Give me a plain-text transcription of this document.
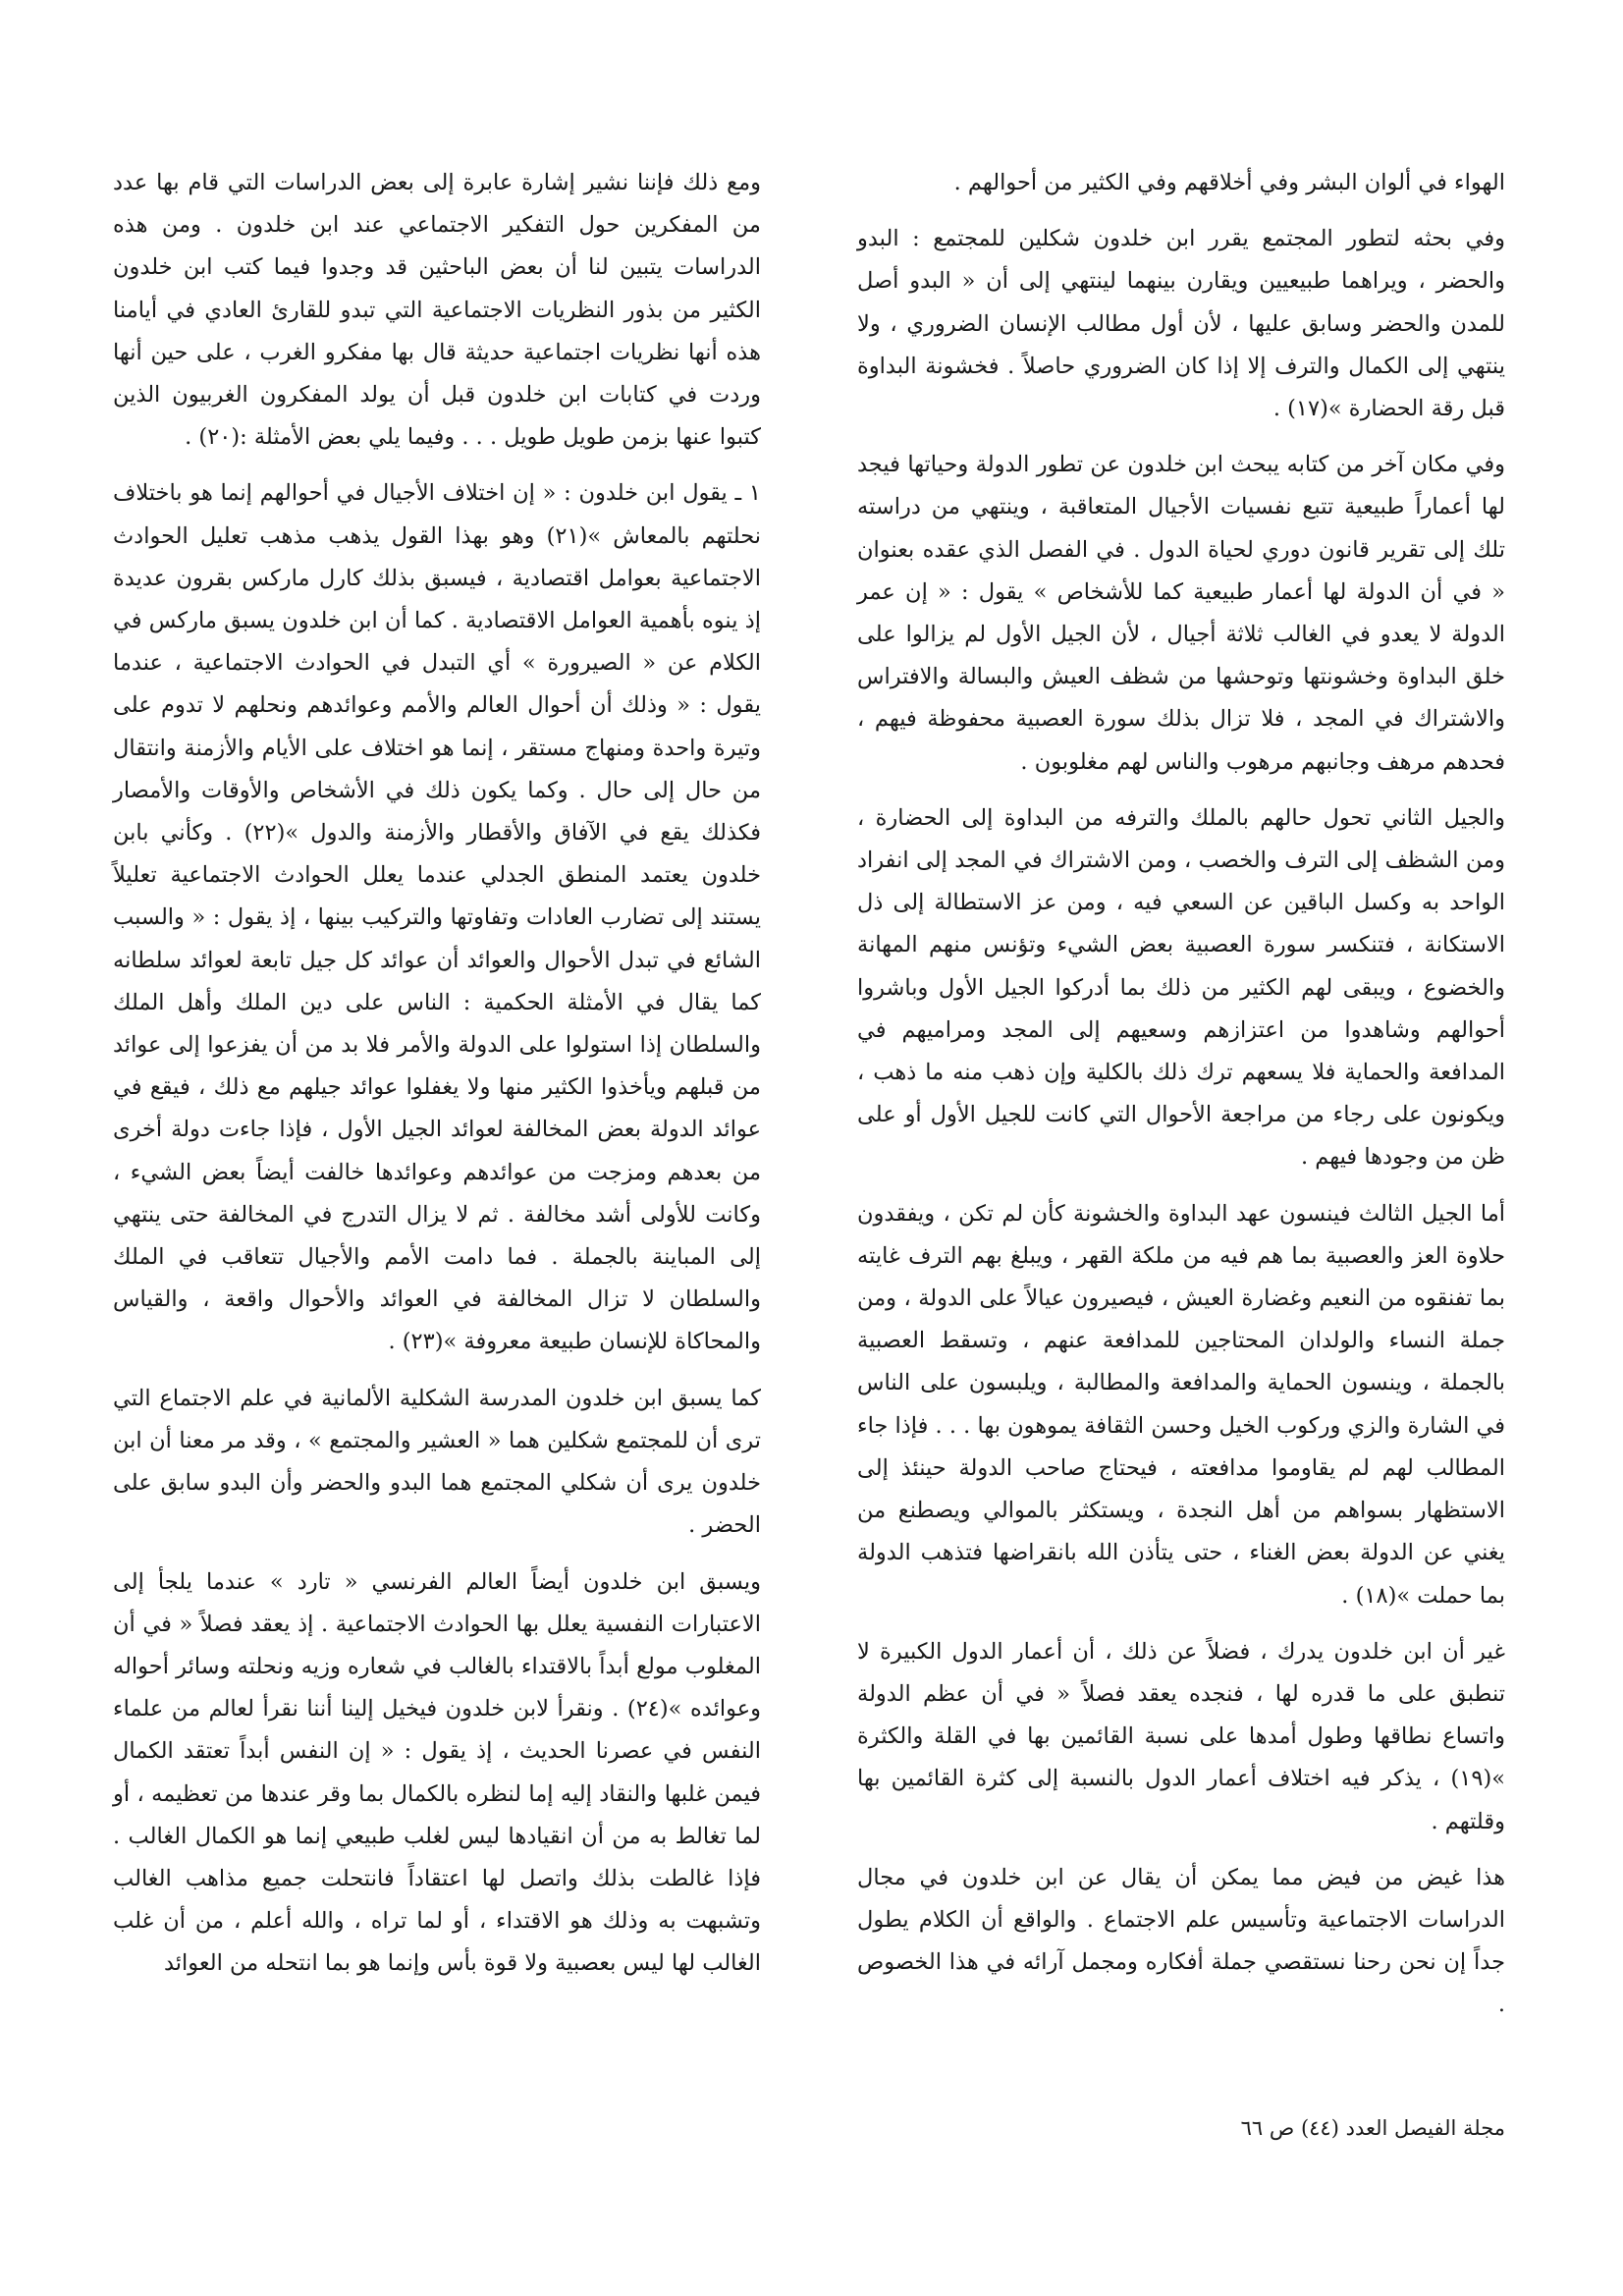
الهواء في ألوان البشر وفي أخلاقهم وفي الكثير من أحوالهم .

وفي بحثه لتطور المجتمع يقرر ابن خلدون شكلين للمجتمع : البدو والحضر ، ويراهما طبيعيين ويقارن بينهما لينتهي إلى أن « البدو أصل للمدن والحضر وسابق عليها ، لأن أول مطالب الإنسان الضروري ، ولا ينتهي إلى الكمال والترف إلا إذا كان الضروري حاصلاً . فخشونة البداوة قبل رقة الحضارة »(١٧) .

وفي مكان آخر من كتابه يبحث ابن خلدون عن تطور الدولة وحياتها فيجد لها أعماراً طبيعية تتبع نفسيات الأجيال المتعاقبة ، وينتهي من دراسته تلك إلى تقرير قانون دوري لحياة الدول . في الفصل الذي عقده بعنوان « في أن الدولة لها أعمار طبيعية كما للأشخاص » يقول : « إن عمر الدولة لا يعدو في الغالب ثلاثة أجيال ، لأن الجيل الأول لم يزالوا على خلق البداوة وخشونتها وتوحشها من شظف العيش والبسالة والافتراس والاشتراك في المجد ، فلا تزال بذلك سورة العصبية محفوظة فيهم ، فحدهم مرهف وجانبهم مرهوب والناس لهم مغلوبون .

والجيل الثاني تحول حالهم بالملك والترفه من البداوة إلى الحضارة ، ومن الشظف إلى الترف والخصب ، ومن الاشتراك في المجد إلى انفراد الواحد به وكسل الباقين عن السعي فيه ، ومن عز الاستطالة إلى ذل الاستكانة ، فتنكسر سورة العصبية بعض الشيء وتؤنس منهم المهانة والخضوع ، ويبقى لهم الكثير من ذلك بما أدركوا الجيل الأول وباشروا أحوالهم وشاهدوا من اعتزازهم وسعيهم إلى المجد ومراميهم في المدافعة والحماية فلا يسعهم ترك ذلك بالكلية وإن ذهب منه ما ذهب ، ويكونون على رجاء من مراجعة الأحوال التي كانت للجيل الأول أو على ظن من وجودها فيهم .

أما الجيل الثالث فينسون عهد البداوة والخشونة كأن لم تكن ، ويفقدون حلاوة العز والعصبية بما هم فيه من ملكة القهر ، ويبلغ بهم الترف غايته بما تفنقوه من النعيم وغضارة العيش ، فيصيرون عيالاً على الدولة ، ومن جملة النساء والولدان المحتاجين للمدافعة عنهم ، وتسقط العصبية بالجملة ، وينسون الحماية والمدافعة والمطالبة ، ويلبسون على الناس في الشارة والزي وركوب الخيل وحسن الثقافة يموهون بها . . . فإذا جاء المطالب لهم لم يقاوموا مدافعته ، فيحتاج صاحب الدولة حينئذ إلى الاستظهار بسواهم من أهل النجدة ، ويستكثر بالموالي ويصطنع من يغني عن الدولة بعض الغناء ، حتى يتأذن الله بانقراضها فتذهب الدولة بما حملت »(١٨) .

غير أن ابن خلدون يدرك ، فضلاً عن ذلك ، أن أعمار الدول الكبيرة لا تنطبق على ما قدره لها ، فنجده يعقد فصلاً « في أن عظم الدولة واتساع نطاقها وطول أمدها على نسبة القائمين بها في القلة والكثرة »(١٩) ، يذكر فيه اختلاف أعمار الدول بالنسبة إلى كثرة القائمين بها وقلتهم .

هذا غيض من فيض مما يمكن أن يقال عن ابن خلدون في مجال الدراسات الاجتماعية وتأسيس علم الاجتماع . والواقع أن الكلام يطول جداً إن نحن رحنا نستقصي جملة أفكاره ومجمل آرائه في هذا الخصوص .

ومع ذلك فإننا نشير إشارة عابرة إلى بعض الدراسات التي قام بها عدد من المفكرين حول التفكير الاجتماعي عند ابن خلدون . ومن هذه الدراسات يتبين لنا أن بعض الباحثين قد وجدوا فيما كتب ابن خلدون الكثير من بذور النظريات الاجتماعية التي تبدو للقارئ العادي في أيامنا هذه أنها نظريات اجتماعية حديثة قال بها مفكرو الغرب ، على حين أنها وردت في كتابات ابن خلدون قبل أن يولد المفكرون الغربيون الذين كتبوا عنها بزمن طويل طويل . . . وفيما يلي بعض الأمثلة :(٢٠) .

١ ـ يقول ابن خلدون : « إن اختلاف الأجيال في أحوالهم إنما هو باختلاف نحلتهم بالمعاش »(٢١) وهو بهذا القول يذهب مذهب تعليل الحوادث الاجتماعية بعوامل اقتصادية ، فيسبق بذلك كارل ماركس بقرون عديدة إذ ينوه بأهمية العوامل الاقتصادية . كما أن ابن خلدون يسبق ماركس في الكلام عن « الصيرورة » أي التبدل في الحوادث الاجتماعية ، عندما يقول : « وذلك أن أحوال العالم والأمم وعوائدهم ونحلهم لا تدوم على وتيرة واحدة ومنهاج مستقر ، إنما هو اختلاف على الأيام والأزمنة وانتقال من حال إلى حال . وكما يكون ذلك في الأشخاص والأوقات والأمصار فكذلك يقع في الآفاق والأقطار والأزمنة والدول »(٢٢) . وكأني بابن خلدون يعتمد المنطق الجدلي عندما يعلل الحوادث الاجتماعية تعليلاً يستند إلى تضارب العادات وتفاوتها والتركيب بينها ، إذ يقول : « والسبب الشائع في تبدل الأحوال والعوائد أن عوائد كل جيل تابعة لعوائد سلطانه كما يقال في الأمثلة الحكمية : الناس على دين الملك وأهل الملك والسلطان إذا استولوا على الدولة والأمر فلا بد من أن يفزعوا إلى عوائد من قبلهم ويأخذوا الكثير منها ولا يغفلوا عوائد جيلهم مع ذلك ، فيقع في عوائد الدولة بعض المخالفة لعوائد الجيل الأول ، فإذا جاءت دولة أخرى من بعدهم ومزجت من عوائدهم وعوائدها خالفت أيضاً بعض الشيء ، وكانت للأولى أشد مخالفة . ثم لا يزال التدرج في المخالفة حتى ينتهي إلى المباينة بالجملة . فما دامت الأمم والأجيال تتعاقب في الملك والسلطان لا تزال المخالفة في العوائد والأحوال واقعة ، والقياس والمحاكاة للإنسان طبيعة معروفة »(٢٣) .

كما يسبق ابن خلدون المدرسة الشكلية الألمانية في علم الاجتماع التي ترى أن للمجتمع شكلين هما « العشير والمجتمع » ، وقد مر معنا أن ابن خلدون يرى أن شكلي المجتمع هما البدو والحضر وأن البدو سابق على الحضر .

ويسبق ابن خلدون أيضاً العالم الفرنسي « تارد » عندما يلجأ إلى الاعتبارات النفسية يعلل بها الحوادث الاجتماعية . إذ يعقد فصلاً « في أن المغلوب مولع أبداً بالاقتداء بالغالب في شعاره وزيه ونحلته وسائر أحواله وعوائده »(٢٤) . ونقرأ لابن خلدون فيخيل إلينا أننا نقرأ لعالم من علماء النفس في عصرنا الحديث ، إذ يقول : « إن النفس أبداً تعتقد الكمال فيمن غلبها والنقاد إليه إما لنظره بالكمال بما وقر عندها من تعظيمه ، أو لما تغالط به من أن انقيادها ليس لغلب طبيعي إنما هو الكمال الغالب . فإذا غالطت بذلك واتصل لها اعتقاداً فانتحلت جميع مذاهب الغالب وتشبهت به وذلك هو الاقتداء ، أو لما تراه ، والله أعلم ، من أن غلب الغالب لها ليس بعصبية ولا قوة بأس وإنما هو بما انتحله من العوائد

مجلة الفيصل العدد (٤٤) ص ٦٦
